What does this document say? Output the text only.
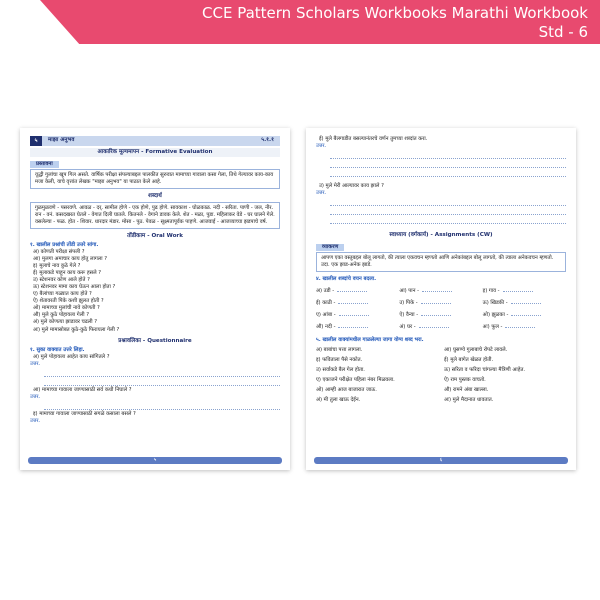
CCE Pattern Scholars Workbooks Marathi Workbook
Std - 6
५	माझा अनुभव	५.१.१
आकारिक मूल्यमापन - Formative Evaluation
प्रस्तावना
यूद्धी गुलांचा खूप गिल असते. वार्षिक परीक्षा संपल्याबद्दल पालकीत सुरुवात मामाच्या गावाला कसा गेला, तिथे गेल्यावर काय-काय मजा केली, याचे वृत्तांत लेखक "माझा अनुभव" या पाठात केले आहे.
शब्दार्थ
गुळमुळवणे - पसरवणे. आवळ - दर्. सामील होणे - एक होणे, पुढ होणे. सावकाश - घोळकाळ. नदी - सरिता. पाणी - जल, नीर. रान - वनं. कसदखरत घेतले - वेगात दिली घातले. कितनले - वेगाने डावक केले. शेत - मळा, पुडा. महिलाकर वेडे - घर घालने गेले. वसलेल्या - फळ. होत - शिवार. धारदार मंडार. मोसा - पुठ. पेवळ - सूक्ष्मतापूर्वक पाहणे. आजवाई - आजव्याच्या झडपाचे वर्ष.
तोंडीकाम - Oral Work
१. खालील प्रश्नांची तोंडी उत्तरे सांगा.
अ) कोणती परीक्षा संपली ?
आ) मुलगा अमाचार काय होतु लागला ?
इ) मुलाचे नाव कुठे गेले ?
ई) मुलाकडे पाहून काय करू हसले ?
उ) स्टेशनवर कोण आले होते ?
ऊ) स्टेशनवर मामा काय घेऊन आला होता ?
ए) बैलांच्या गळ्यात काय होते ?
ऐ) शेतावरती पिके कशी झुलत होती ?
ओ) मामाच्या मुलांची नावे कोणती ?
औ) मुले कुठे पोहायला गेली ?
अं) मुले कोणत्या झाडावर चढली ?
अः) मुले मामासोबत कुठे-कुठे फिरायला गेली ?
प्रश्नावलिका - Questionnaire
१. सुका वाक्यात उत्तरे लिहा.
अ) मुले पोहायला आहेत काय सांगितले ?
उत्तर.
आ) मामाच्या गावाला जाण्यासाठी सर्व कधी निघाले ?
उत्तर.
इ) मामाच्या गावाला जाण्यासाठी सगळे कसाला बसले ?
उत्तर.
५
ई) मुले बैलगाडीत बसल्यानंतरचे वर्णन तुमच्या शब्दांत करा.
उत्तर.
उ) मुले मेरी आल्यावर काय झाले ?
उत्तर.
स्वाध्याय (वर्गकार्य) - Assignments (CW)
व्याकरण
आपण एका वस्तूबद्दल बोलू लागतो, की त्याला एकवचन म्हणतो आणि अनेकांबद्दल बोलू लागतो, की त्याला अनेकवचन म्हणतो. उदा. एक झाड-अनेक झाडे.
४. खालील शब्दांचे वचन बदला.
अ) उडी -	आ) पान -	इ) गाव -
ई) काठी -	उ) पिके -	ऊ) खिडकी -
ए) आंबा -	ऐ) वैन्या -	ओ) झुळका -
औ) नदी -	अं) घर -	अः) फूल -
५. खालील वाक्यांमधील गाळलेल्या जागा योग्य शब्द भरा.
अ) बाबांचा पत्ता लागला.	आ) घुसण्ये गुलाबाचे रोपटे लावले.
इ) फविताला पैसे नकोत.	ई) मुले बागेत खेळत होती.
उ) सर्वाकडे बैल गेल होता.	ऊ) सरिता व फरिदा चांगल्या मैत्रिणी आहेत.
ए) एकाजने परीक्षेत पहिला नंबर मिळवला.	ऐ) राम पुस्तक वाचतो.
ओ) आम्ही आज बाजारात जाऊ.	औ) रामने अंबा खाल्ला.
अं) मी तुला खाऊ देईन.	अः) मुले मैदानात धावतात.
६
